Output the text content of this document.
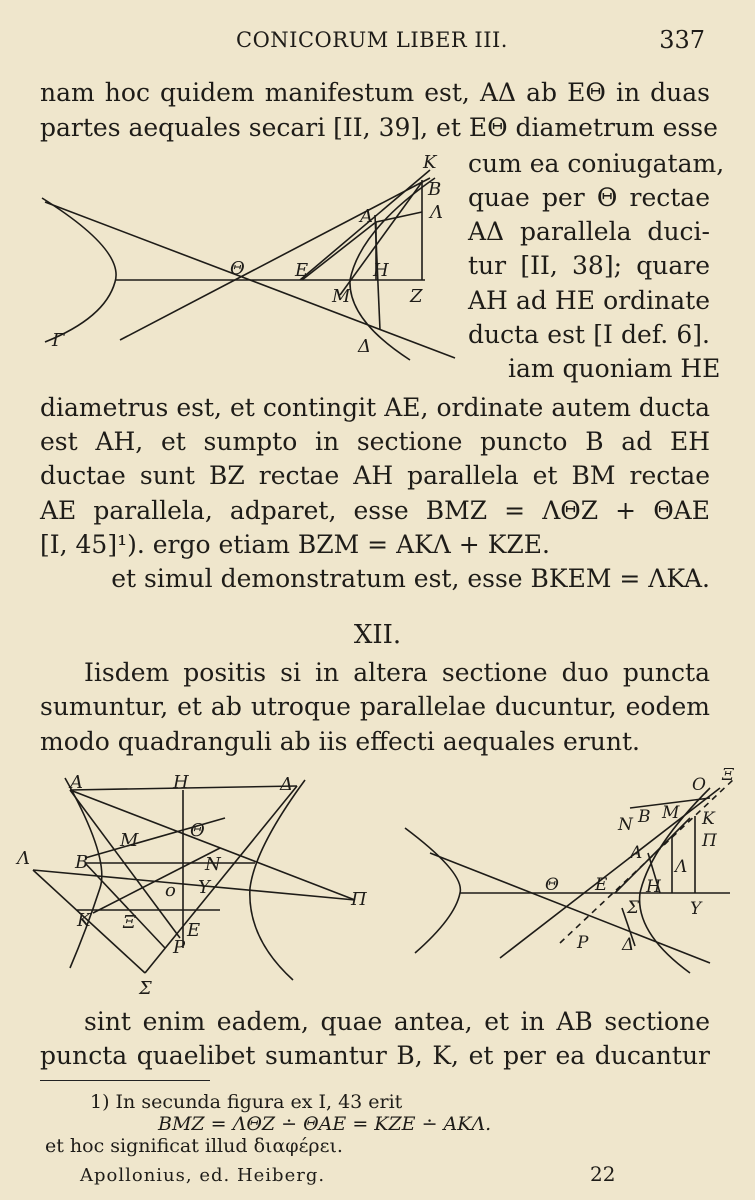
CONICORUM LIBER III.	337
nam hoc quidem manifestum est, AΔ ab EΘ in duas
partes aequales secari [II, 39], et EΘ diametrum esse
K
B
A	Λ
Θ	E	H
M	Z
Γ	Δ
cum ea coniugatam,
quae per Θ rectae
AΔ parallela duci-
tur [II, 38]; quare
AH ad HE ordinate
ducta est [I def. 6].
iam quoniam HE
diametrus est, et contingit AE, ordinate autem ducta
est AH, et sumpto in sectione puncto B ad EH
ductae sunt BZ rectae AH parallela et BM rectae
AE parallela, adparet, esse BMZ = ΛΘZ + ΘAE
[I, 45]¹). ergo etiam BZM = AKΛ + KZE.
et simul demonstratum est, esse BKEM = ΛKA.
XII.
Iisdem positis si in altera sectione duo puncta
sumuntur, et ab utroque parallelae ducuntur, eodem
modo quadranguli ab iis effecti aequales erunt.
A	H	Δ
M	Θ
Λ	B	N
o Y
Π
K Ξ	E
P
Σ
O Ξ
N B M K
Π
A
Λ
Θ E H
Σ	Y
P Δ
sint enim eadem, quae antea, et in AB sectione
puncta quaelibet sumantur B, K, et per ea ducantur
1) In secunda figura ex I, 43 erit
BMZ = ΛΘZ ∸ ΘAE = KZE ∸ AKΛ.
et hoc significat illud διαφέρει.
Apollonius, ed. Heiberg.	22
